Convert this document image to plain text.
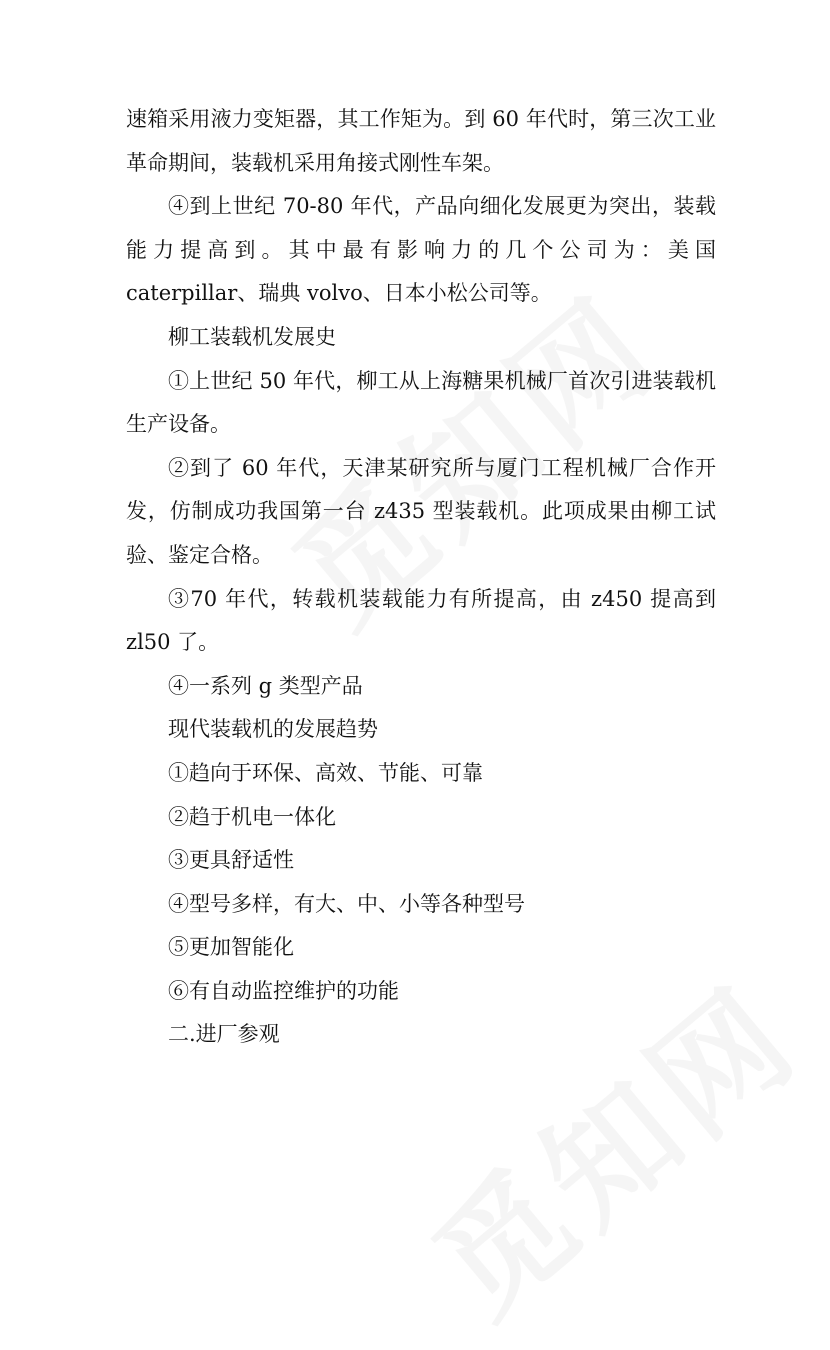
速箱采用液力变矩器，其工作矩为。到 60 年代时，第三次工业革命期间，装载机采用角接式刚性车架。

④到上世纪 70-80 年代，产品向细化发展更为突出，装载能力提高到。其中最有影响力的几个公司为：美国 caterpillar、瑞典 volvo、日本小松公司等。

柳工装载机发展史

①上世纪 50 年代，柳工从上海糖果机械厂首次引进装载机生产设备。

②到了 60 年代，天津某研究所与厦门工程机械厂合作开发，仿制成功我国第一台 z435 型装载机。此项成果由柳工试验、鉴定合格。

③70 年代，转载机装载能力有所提高，由 z450 提高到 zl50 了。

④一系列 g 类型产品

现代装载机的发展趋势

①趋向于环保、高效、节能、可靠

②趋于机电一体化

③更具舒适性

④型号多样，有大、中、小等各种型号

⑤更加智能化

⑥有自动监控维护的功能

二.进厂参观
